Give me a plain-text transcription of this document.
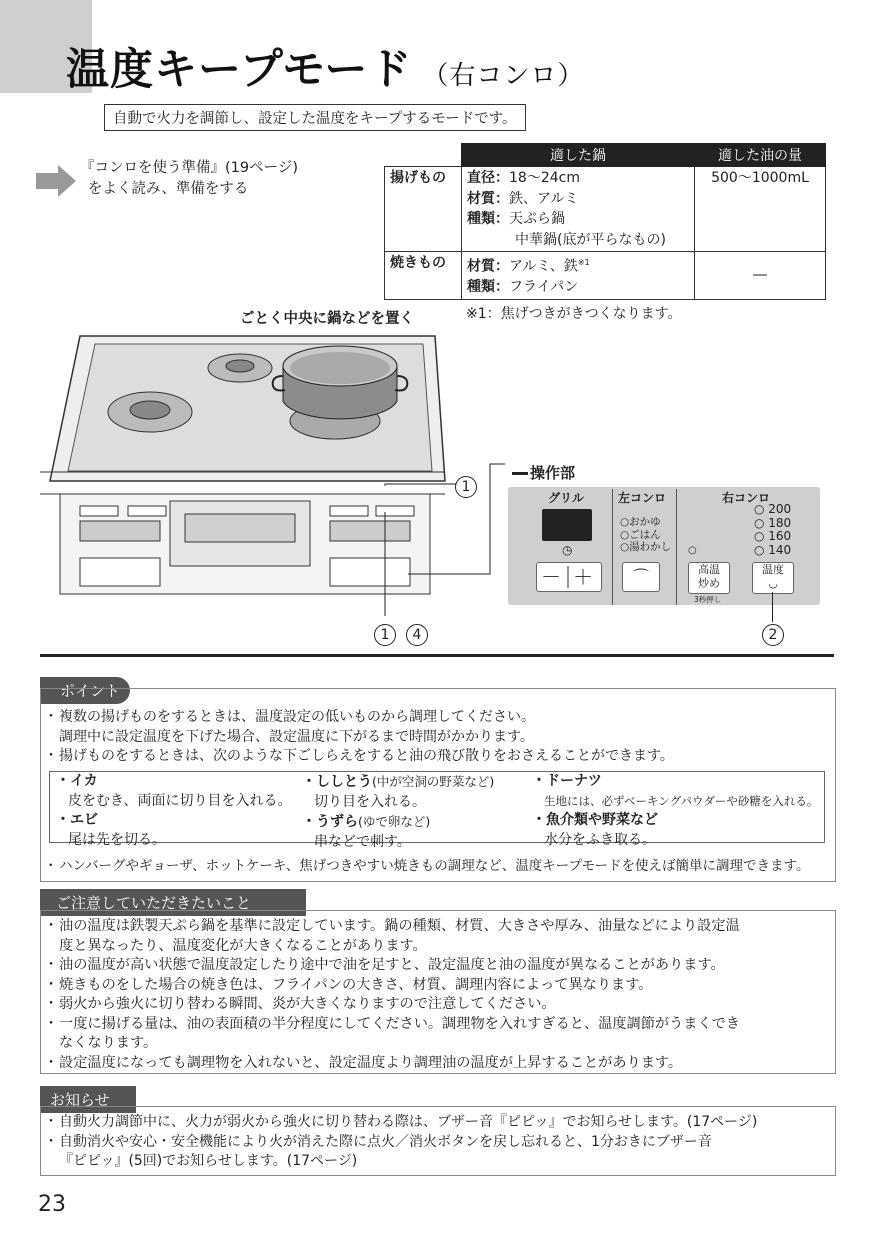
温度キープモード （右コンロ）
自動で火力を調節し、設定した温度をキープするモードです。
『コンロを使う準備』(19ページ)
をよく読み、準備をする
	適した鍋	適した油の量
揚げもの	直径：18～24cm
材質：鉄、アルミ
種類：天ぷら鍋
中華鍋(底が平らなもの)	500～1000mL
焼きもの	材質：アルミ、鉄$^{※1}$
種類：フライパン	―
※1：焦げつきがきつくなります。
ごとく中央に鍋などを置く
1
1	4
操作部
グリル	左コンロ	右コンロ
◷
－ ＋
○おかゆ
○ごはん
○湯わかし
⌒
○ 200
○ 180
○ 160
○ 140
○
高温
炒め
3秒押し
温度
◡
2
ポイント
・ 複数の揚げものをするときは、温度設定の低いものから調理してください。
調理中に設定温度を下げた場合、設定温度に下がるまで時間がかかります。
・ 揚げものをするときは、次のような下ごしらえをすると油の飛び散りをおさえることができます。
・イカ
皮をむき、両面に切り目を入れる。
・エビ
尾は先を切る。
・ししとう(中が空洞の野菜など)
切り目を入れる。
・うずら(ゆで卵など)
串などで刺す。
・ドーナツ
生地には、必ずベーキングパウダーや砂糖を入れる。
・魚介類や野菜など
水分をふき取る。
・ ハンバーグやギョーザ、ホットケーキ、焦げつきやすい焼きもの調理など、温度キープモードを使えば簡単に調理できます。
ご注意していただきたいこと
・ 油の温度は鉄製天ぷら鍋を基準に設定しています。鍋の種類、材質、大きさや厚み、油量などにより設定温
度と異なったり、温度変化が大きくなることがあります。
・ 油の温度が高い状態で温度設定したり途中で油を足すと、設定温度と油の温度が異なることがあります。
・ 焼きものをした場合の焼き色は、フライパンの大きさ、材質、調理内容によって異なります。
・ 弱火から強火に切り替わる瞬間、炎が大きくなりますので注意してください。
・ 一度に揚げる量は、油の表面積の半分程度にしてください。調理物を入れすぎると、温度調節がうまくでき
なくなります。
・ 設定温度になっても調理物を入れないと、設定温度より調理油の温度が上昇することがあります。
お知らせ
・ 自動火力調節中に、火力が弱火から強火に切り替わる際は、ブザー音『ピピッ』でお知らせします。(17ページ)
・ 自動消火や安心・安全機能により火が消えた際に点火／消火ボタンを戻し忘れると、1分おきにブザー音
『ピピッ』(5回)でお知らせします。(17ページ)
23
